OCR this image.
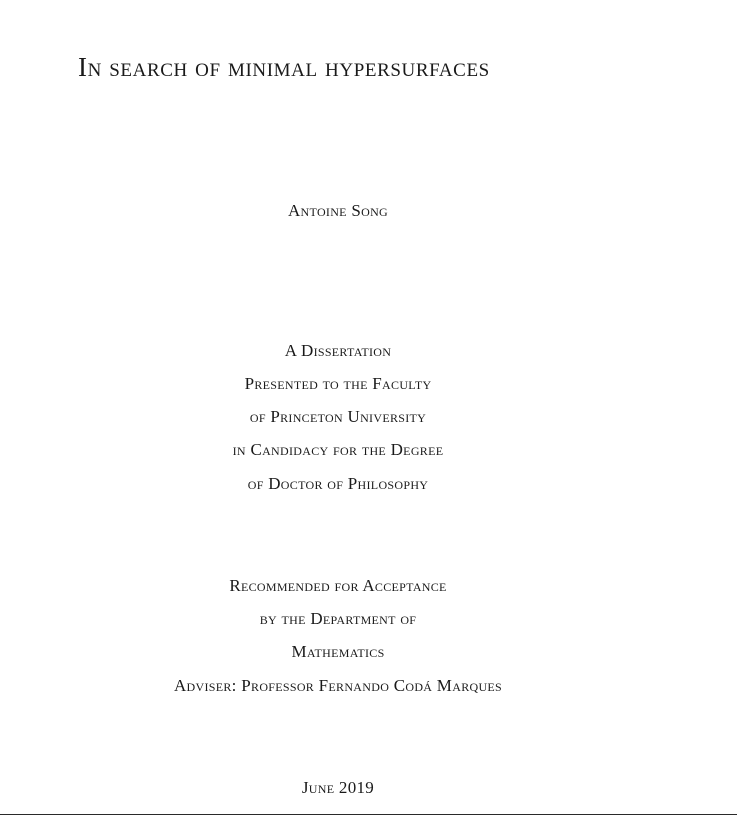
In search of minimal hypersurfaces
Antoine Song
A Dissertation
Presented to the Faculty
of Princeton University
in Candidacy for the Degree
of Doctor of Philosophy
Recommended for Acceptance
by the Department of
Mathematics
Adviser: Professor Fernando Codá Marques
June 2019
